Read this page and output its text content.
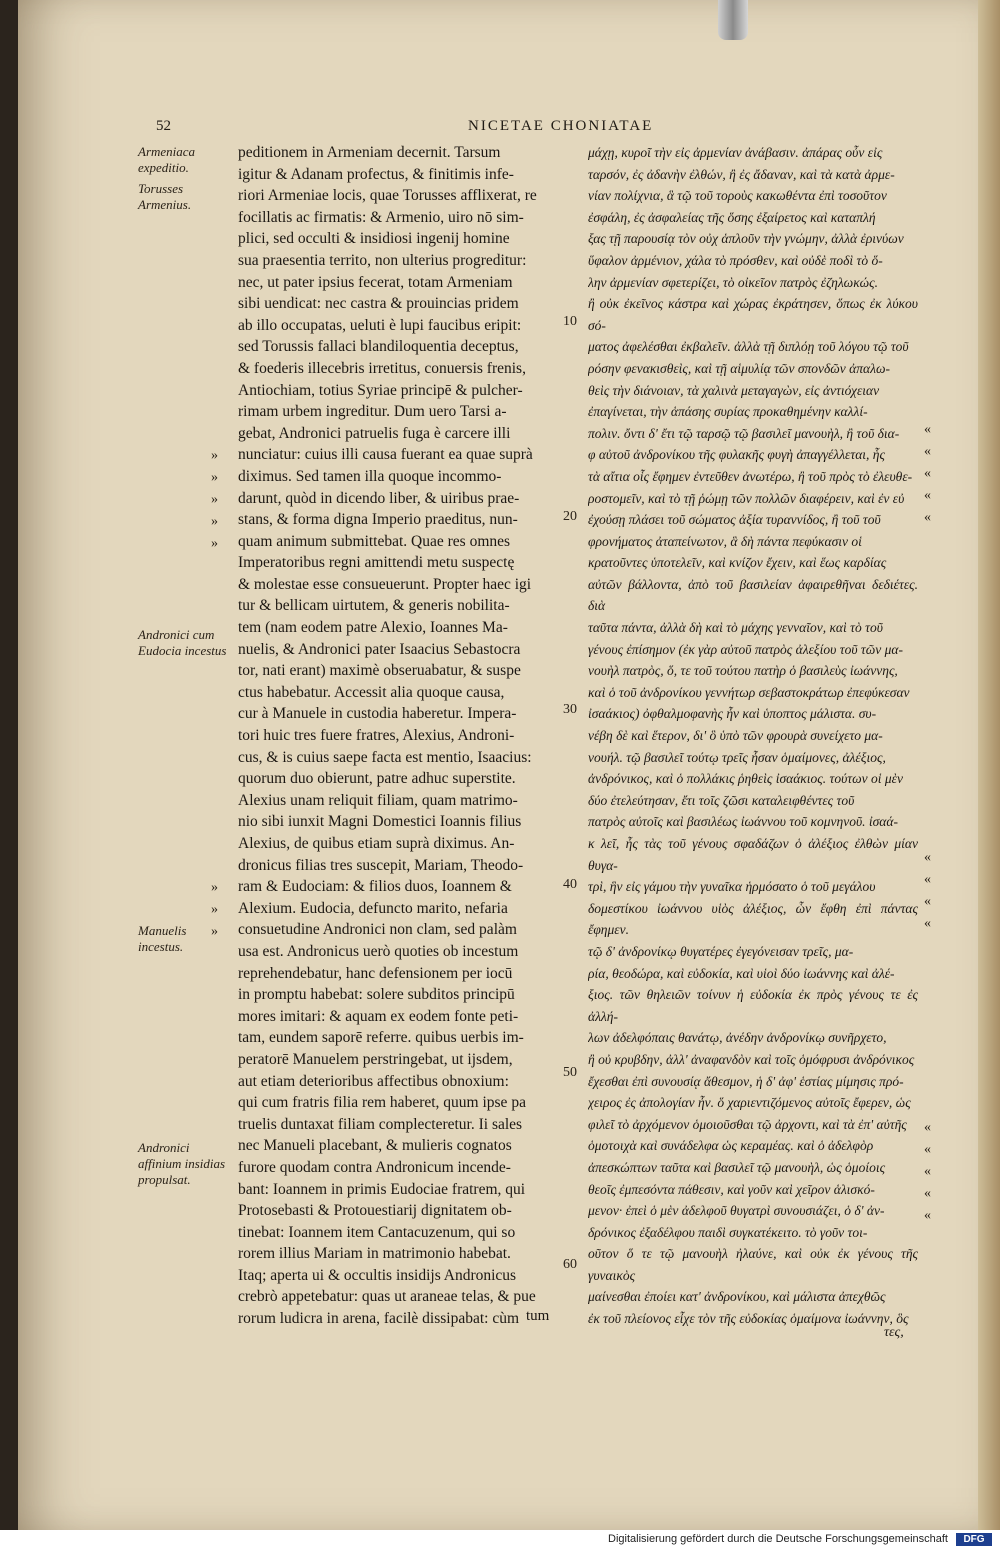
52	NICETAE CHONIATAE
Armeniaca expeditio.
Torusses Armenius.
Andronici cum Eudocia incestus
Manuelis incestus.
Andronici affinium insidias propulsat.

peditionem in Armeniam decernit. Tarsum

igitur & Adanam profectus, & finitimis infe-

riori Armeniae locis, quae Torusses afflixerat, re

focillatis ac firmatis: & Armenio, uiro nō sim-

plici, sed occulti & insidiosi ingenij homine

sua praesentia territo, non ulterius progreditur:

nec, ut pater ipsius fecerat, totam Armeniam

sibi uendicat: nec castra & prouincias pridem

ab illo occupatas, ueluti è lupi faucibus eripit:

sed Torussis fallaci blandiloquentia deceptus,

& foederis illecebris irretitus, conuersis frenis,

Antiochiam, totius Syriae principē & pulcher-

rimam urbem ingreditur. Dum uero Tarsi a-

gebat, Andronici patruelis fuga è carcere illi

nunciatur: cuius illi causa fuerant ea quae suprà

diximus. Sed tamen illa quoque incommo-

darunt, quòd in dicendo liber, & uiribus prae-

stans, & forma digna Imperio praeditus, nun-

quam animum submittebat. Quae res omnes

Imperatoribus regni amittendi metu suspectę

& molestae esse consueuerunt. Propter haec igi

tur & bellicam uirtutem, & generis nobilita-

tem (nam eodem patre Alexio, Ioannes Ma-

nuelis, & Andronici pater Isaacius Sebastocra

tor, nati erant) maximè obseruabatur, & suspe

ctus habebatur. Accessit alia quoque causa,

cur à Manuele in custodia haberetur. Impera-

tori huic tres fuere fratres, Alexius, Androni-

cus, & is cuius saepe facta est mentio, Isaacius:

quorum duo obierunt, patre adhuc superstite.

Alexius unam reliquit filiam, quam matrimo-

nio sibi iunxit Magni Domestici Ioannis filius

Alexius, de quibus etiam suprà diximus. An-

dronicus filias tres suscepit, Mariam, Theodo-

ram & Eudociam: & filios duos, Ioannem &

Alexium. Eudocia, defuncto marito, nefaria

consuetudine Andronici non clam, sed palàm

usa est. Andronicus uerò quoties ob incestum

reprehendebatur, hanc defensionem per iocū

in promptu habebat: solere subditos principū

mores imitari: & aquam ex eodem fonte peti-

tam, eundem saporē referre. quibus uerbis im-

peratorē Manuelem perstringebat, ut ijsdem,

aut etiam deterioribus affectibus obnoxium:

qui cum fratris filia rem haberet, quum ipse pa

truelis duntaxat filiam complecteretur. Ii sales

nec Manueli placebant, & mulieris cognatos

furore quodam contra Andronicum incende-

bant: Ioannem in primis Eudociae fratrem, qui

Protosebasti & Protouestiarij dignitatem ob-

tinebat: Ioannem item Cantacuzenum, qui so

rorem illius Mariam in matrimonio habebat.

Itaq; aperta ui & occultis insidijs Andronicus

crebrò appetebatur: quas ut araneae telas, & pue

rorum ludicra in arena, facilè dissipabat: cùm

10
20
30
40
50
60

μάχῃ, κυροῖ τὴν εἰς ἀρμενίαν ἀνάβασιν. ἀπάρας οὖν εἰς

ταρσόν, ἐς ἀδανὴν ἐλθών, ἢ ἐς ἄδαναν, καὶ τὰ κατὰ ἀρμε-

νίαν πολίχνια, ἃ τῷ τοῦ τοροὺς κακωθέντα ἐπὶ τοσοῦτον

ἐσφάλη, ἐς ἀσφαλείας τῆς ὅσης ἐξαίρετος καὶ καταπλή

ξας τῇ παρουσίᾳ τὸν οὐχ ἁπλοῦν τὴν γνώμην, ἀλλὰ ἐρινύων

ὕφαλον ἀρμένιον, χάλα τὸ πρόσθεν, καὶ οὐδὲ ποδὶ τὸ ὅ-

λην ἀρμενίαν σφετερίζει, τὸ οἰκεῖον πατρὸς ἐζηλωκώς.

ἢ οὐκ ἐκεῖνος κάστρα καὶ χώρας ἐκράτησεν, ὅπως ἐκ λύκου σό-

ματος ἀφελέσθαι ἐκβαλεῖν. ἀλλὰ τῇ διπλόῃ τοῦ λόγου τῷ τοῦ

ρόσην φενακισθεὶς, καὶ τῇ αἱμυλίᾳ τῶν σπονδῶν ἀπαλω-

θεὶς τὴν διάνοιαν, τὰ χαλινὰ μεταγαγὼν, εἰς ἀντιόχειαν

ἐπαγίνεται, τὴν ἁπάσης συρίας προκαθημένην καλλί-

πολιν. ὄντι δ' ἔτι τῷ ταρσῷ τῷ βασιλεῖ μανουὴλ, ἢ τοῦ δια-

φ αὐτοῦ ἀνδρονίκου τῆς φυλακῆς φυγὴ ἀπαγγέλλεται, ἧς

τὰ αἴτια οἷς ἔφημεν ἐντεῦθεν ἀνωτέρω, ἢ τοῦ πρὸς τὸ ἐλευθε-

ροστομεῖν, καὶ τὸ τῇ ῥώμῃ τῶν πολλῶν διαφέρειν, καὶ ἐν εὐ

ἐχούσῃ πλάσει τοῦ σώματος ἀξία τυραννίδος, ἢ τοῦ τοῦ

φρονήματος ἀταπείνωτον, ἃ δὴ πάντα πεφύκασιν οἱ

κρατοῦντες ὑποτελεῖν, καὶ κνίζον ἔχειν, καὶ ἕως καρδίας

αὐτῶν βάλλοντα, ἀπὸ τοῦ βασιλείαν ἀφαιρεθῆναι δεδιέτες. διὰ

ταῦτα πάντα, ἀλλὰ δὴ καὶ τὸ μάχης γενναῖον, καὶ τὸ τοῦ

γένους ἐπίσημον (ἐκ γὰρ αὐτοῦ πατρὸς ἀλεξίου τοῦ τῶν μα-

νουὴλ πατρὸς, ὅ, τε τοῦ τούτου πατὴρ ὁ βασιλεὺς ἰωάννης,

καὶ ὁ τοῦ ἀνδρονίκου γεννήτωρ σεβαστοκράτωρ ἐπεφύκεσαν

ἰσαάκιος) ὀφθαλμοφανὴς ἦν καὶ ὑποπτος μάλιστα. συ-

νέβη δὲ καὶ ἕτερον, δι' ὃ ὑπὸ τῶν φρουρὰ συνείχετο μα-

νουήλ. τῷ βασιλεῖ τούτῳ τρεῖς ἦσαν ὁμαίμονες, ἀλέξιος,

ἀνδρόνικος, καὶ ὁ πολλάκις ῥηθεὶς ἰσαάκιος. τούτων οἱ μὲν

δύο ἐτελεύτησαν, ἔτι τοῖς ζῶσι καταλειφθέντες τοῦ

πατρὸς αὐτοῖς καὶ βασιλέως ἰωάννου τοῦ κομνηνοῦ. ἰσαά-

κ λεῖ, ἦς τὰς τοῦ γένους σφαδάζων ὁ ἀλέξιος ἐλθὼν μίαν θυγα-

τρὶ, ἣν εἰς γάμου τὴν γυναῖκα ἡρμόσατο ὁ τοῦ μεγάλου

δομεστίκου ἰωάννου υἱὸς ἀλέξιος, ὧν ἔφθη ἐπὶ πάντας ἔφημεν.

τῷ δ' ἀνδρονίκῳ θυγατέρες ἐγεγόνεισαν τρεῖς, μα-

ρία, θεοδώρα, καὶ εὐδοκία, καὶ υἱοὶ δύο ἰωάννης καὶ ἀλέ-

ξιος. τῶν θηλειῶν τοίνυν ἡ εὐδοκία ἐκ πρὸς γένους τε ἐς ἀλλή-

λων ἀδελφόπαις θανάτῳ, ἀνέδην ἀνδρονίκῳ συνῆρχετο,

ἢ οὐ κρυβδην, ἀλλ' ἀναφανδὸν καὶ τοῖς ὁμόφρυσι ἀνδρόνικος

ἔχεσθαι ἐπὶ συνουσίᾳ ἄθεσμον, ἡ δ' ἀφ' ἑστίας μίμησις πρό-

χειρος ἐς ἀπολογίαν ἦν. ὅ χαριεντιζόμενος αὐτοῖς ἔφερεν, ὡς

φιλεῖ τὸ ἀρχόμενον ὁμοιοῦσθαι τῷ ἀρχοντι, καὶ τὰ ἐπ' αὐτῆς

ὁμοτοιχὰ καὶ συνάδελφα ὡς κεραμέας. καὶ ὁ ἀδελφὸρ

ἀπεσκώπτων ταῦτα καὶ βασιλεῖ τῷ μανουὴλ, ὡς ὁμοίοις

θεοῖς ἐμπεσόντα πάθεσιν, καὶ γοῦν καὶ χεῖρον ἁλισκό-

μενον· ἐπεὶ ὁ μὲν ἀδελφοῦ θυγατρὶ συνουσιάζει, ὁ δ' ἀν-

δρόνικος ἐξαδέλφου παιδὶ συγκατέκειτο. τὸ γοῦν τοι-

οῦτον ὅ τε τῷ μανουὴλ ἠλαύνε, καὶ οὐκ ἐκ γένους τῆς γυναικὸς

μαίνεσθαι ἐποίει κατ' ἀνδρονίκου, καὶ μάλιστα ἀπεχθῶς

ἐκ τοῦ πλείονος εἶχε τὸν τῆς εὐδοκίας ὁμαίμονα ἰωάννην, ὃς

»
»
»
»
»
»
»
»
«
«
«
«
«
«
«
«
«
«
«
«
«
«
tum
τες,
Digitalisierung gefördert durch die Deutsche Forschungsgemeinschaft	DFG
